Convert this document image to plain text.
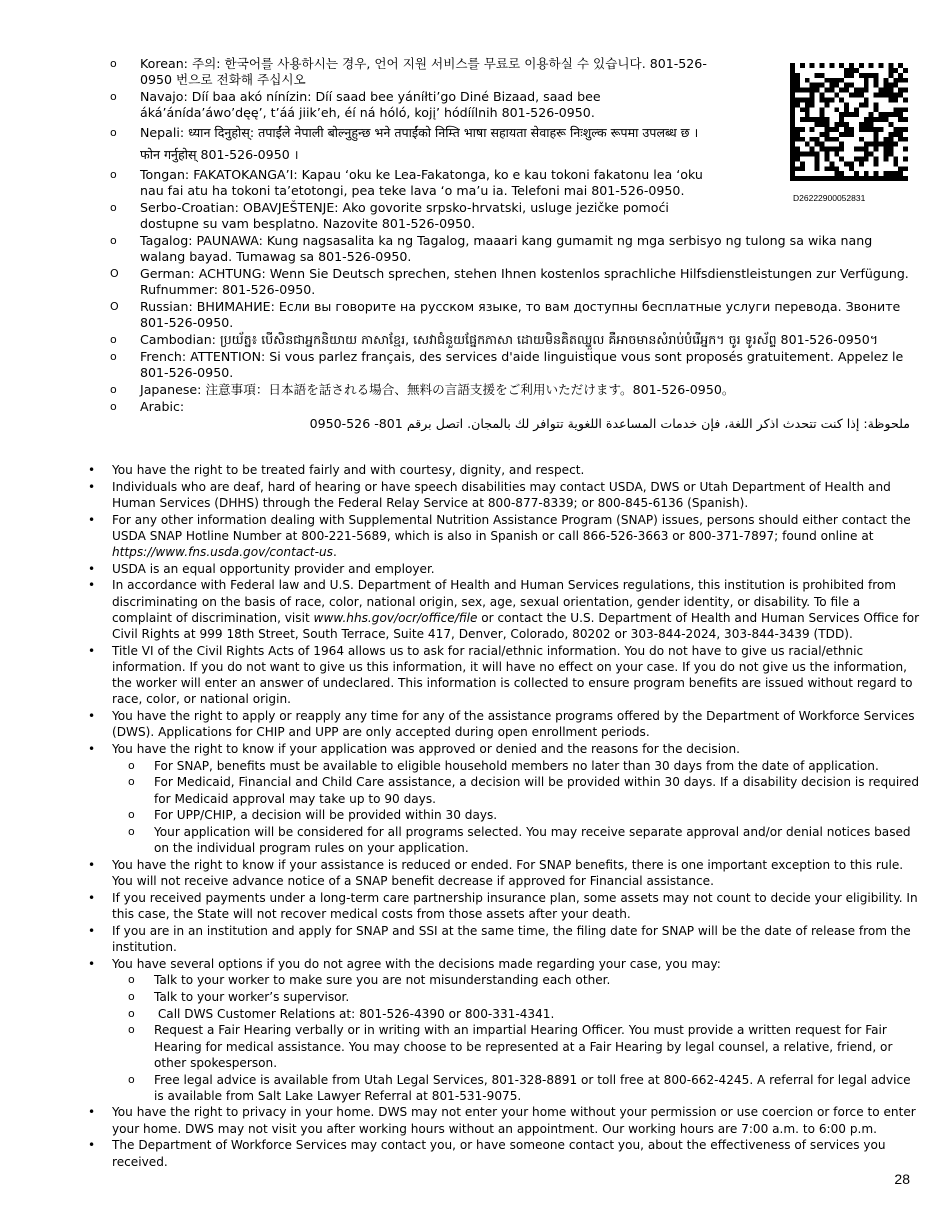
o Korean: 주의: 한국어를 사용하시는 경우, 언어 지원 서비스를 무료로 이용하실 수 있습니다. 801-526-0950 번으로 전화해 주십시오
o Navajo: Díí baa akó nínízin: Díí saad bee yáníłti’go Diné Bizaad, saad bee áká’ánída’áwo’dęę’, t’áá jiik’eh, éí ná hóló, kojį’ hódíílnih 801-526-0950.
o Nepali: ध्यान दिनुहोस्: तपाईंले नेपाली बोल्नुहुन्छ भने तपाईंको निम्ति भाषा सहायता सेवाहरू निःशुल्क रूपमा उपलब्ध छ । फोन गर्नुहोस् 801-526-0950 ।
o Tongan: FAKATOKANGA’I: Kapau ‘oku ke Lea-Fakatonga, ko e kau tokoni fakatonu lea ‘oku nau fai atu ha tokoni ta’etotongi, pea teke lava ‘o ma’u ia. Telefoni mai 801-526-0950.
o Serbo-Croatian: OBAVJEŠTENJE: Ako govorite srpsko-hrvatski, usluge jezičke pomoći dostupne su vam besplatno. Nazovite 801-526-0950.
o Tagalog: PAUNAWA: Kung nagsasalita ka ng Tagalog, maaari kang gumamit ng mga serbisyo ng tulong sa wika nang walang bayad. Tumawag sa 801-526-0950.
O German: ACHTUNG: Wenn Sie Deutsch sprechen, stehen Ihnen kostenlos sprachliche Hilfsdienstleistungen zur Verfügung. Rufnummer: 801-526-0950.
O Russian: ВНИМАНИЕ: Если вы говорите на русском языке, то вам доступны бесплатные услуги перевода. Звоните 801-526-0950.
o Cambodian: ប្រយ័ត្ន៖ បើសិនជាអ្នកនិយាយ ភាសាខ្មែរ, សេវាជំនួយផ្នែកភាសា ដោយមិនគិតឈ្នួល គឺអាចមានសំរាប់បំរើអ្នក។ ចូរ ទូរស័ព្ទ 801-526-0950។
o French: ATTENTION: Si vous parlez français, des services d'aide linguistique vous sont proposés gratuitement. Appelez le 801-526-0950.
o Japanese: 注意事項：日本語を話される場合、無料の言語支援をご利用いただけます。801-526-0950。
o Arabic:
ملحوظة: إذا كنت تتحدث اذكر اللغة، فإن خدمات المساعدة اللغوية تتوافر لك بالمجان. اتصل برقم 801- 526-0950
D26222900052831
• You have the right to be treated fairly and with courtesy, dignity, and respect.
• Individuals who are deaf, hard of hearing or have speech disabilities may contact USDA, DWS or Utah Department of Health and Human Services (DHHS) through the Federal Relay Service at 800-877-8339; or 800-845-6136 (Spanish).
• For any other information dealing with Supplemental Nutrition Assistance Program (SNAP) issues, persons should either contact the USDA SNAP Hotline Number at 800-221-5689, which is also in Spanish or call 866-526-3663 or 800-371-7897; found online at https://www.fns.usda.gov/contact-us.
• USDA is an equal opportunity provider and employer.
• In accordance with Federal law and U.S. Department of Health and Human Services regulations, this institution is prohibited from discriminating on the basis of race, color, national origin, sex, age, sexual orientation, gender identity, or disability. To file a complaint of discrimination, visit www.hhs.gov/ocr/office/file or contact the U.S. Department of Health and Human Services Office for Civil Rights at 999 18th Street, South Terrace, Suite 417, Denver, Colorado, 80202 or 303-844-2024, 303-844-3439 (TDD).
• Title VI of the Civil Rights Acts of 1964 allows us to ask for racial/ethnic information. You do not have to give us racial/ethnic information. If you do not want to give us this information, it will have no effect on your case. If you do not give us the information, the worker will enter an answer of undeclared. This information is collected to ensure program benefits are issued without regard to race, color, or national origin.
• You have the right to apply or reapply any time for any of the assistance programs offered by the Department of Workforce Services (DWS). Applications for CHIP and UPP are only accepted during open enrollment periods.
• You have the right to know if your application was approved or denied and the reasons for the decision.
o For SNAP, benefits must be available to eligible household members no later than 30 days from the date of application.
o For Medicaid, Financial and Child Care assistance, a decision will be provided within 30 days. If a disability decision is required for Medicaid approval may take up to 90 days.
o For UPP/CHIP, a decision will be provided within 30 days.
o Your application will be considered for all programs selected. You may receive separate approval and/or denial notices based on the individual program rules on your application.
• You have the right to know if your assistance is reduced or ended. For SNAP benefits, there is one important exception to this rule. You will not receive advance notice of a SNAP benefit decrease if approved for Financial assistance.
• If you received payments under a long-term care partnership insurance plan, some assets may not count to decide your eligibility. In this case, the State will not recover medical costs from those assets after your death.
• If you are in an institution and apply for SNAP and SSI at the same time, the filing date for SNAP will be the date of release from the institution.
• You have several options if you do not agree with the decisions made regarding your case, you may:
o Talk to your worker to make sure you are not misunderstanding each other.
o Talk to your worker’s supervisor.
o Call DWS Customer Relations at: 801-526-4390 or 800-331-4341.
o Request a Fair Hearing verbally or in writing with an impartial Hearing Officer. You must provide a written request for Fair Hearing for medical assistance. You may choose to be represented at a Fair Hearing by legal counsel, a relative, friend, or other spokesperson.
o Free legal advice is available from Utah Legal Services, 801-328-8891 or toll free at 800-662-4245. A referral for legal advice is available from Salt Lake Lawyer Referral at 801-531-9075.
• You have the right to privacy in your home. DWS may not enter your home without your permission or use coercion or force to enter your home. DWS may not visit you after working hours without an appointment. Our working hours are 7:00 a.m. to 6:00 p.m.
• The Department of Workforce Services may contact you, or have someone contact you, about the effectiveness of services you received.
28
